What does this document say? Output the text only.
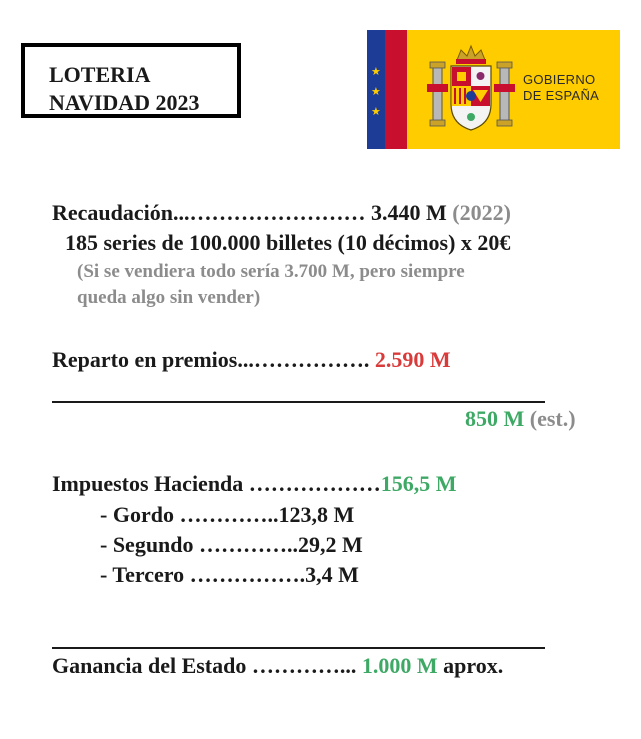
LOTERIA
NAVIDAD 2023
★
★
★
GOBIERNO
DE ESPAÑA
Recaudación...…………………… 3.440 M (2022)
185 series de 100.000 billetes (10 décimos) x 20€
(Si se vendiera todo sería 3.700 M, pero siempre
queda algo sin vender)
Reparto en premios...……………. 2.590 M
850 M (est.)
Impuestos Hacienda ………………156,5 M
- Gordo …………..123,8 M
- Segundo …………..29,2 M
- Tercero …………….3,4 M
Ganancia del Estado …………... 1.000 M aprox.
